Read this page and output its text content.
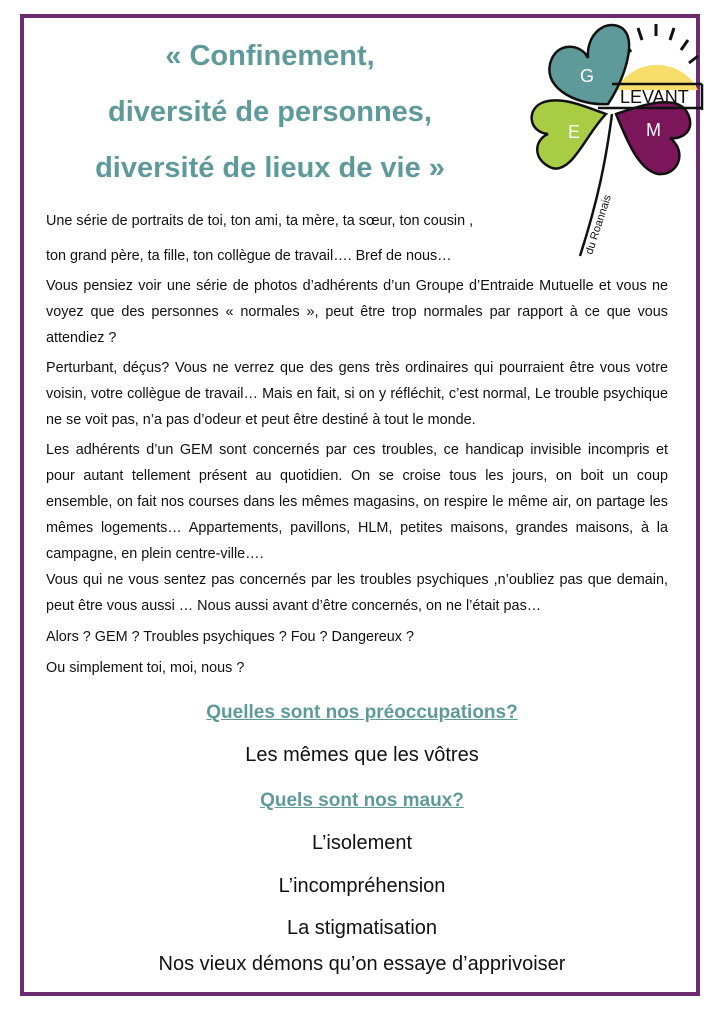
« Confinement,
diversité de personnes,
diversité de lieux de vie »
G
E	M
LEVANT
du Roannais

Une série de portraits de toi, ton ami, ta mère, ta sœur, ton cousin ,

ton grand père, ta fille, ton collègue de travail…. Bref de nous…

Vous pensiez voir une série de photos d’adhérents d’un Groupe d’Entraide Mutuelle et vous ne voyez que des personnes « normales », peut être trop normales par rapport à ce que vous attendiez ?

Perturbant, déçus? Vous ne verrez que des gens très ordinaires qui pourraient être vous votre voisin, votre collègue de travail… Mais en fait, si on y réfléchit, c’est normal, Le trouble psychique ne se voit pas, n’a pas d’odeur et peut être destiné à tout le monde.

Les adhérents d’un GEM sont concernés par ces troubles, ce handicap invisible incompris et pour autant tellement présent au quotidien. On se croise tous les jours, on boit un coup ensemble, on fait nos courses dans les mêmes magasins, on respire le même air, on partage les mêmes logements… Appartements, pavillons, HLM, petites maisons, grandes maisons, à la campagne, en plein centre-ville….

Vous qui ne vous sentez pas concernés par les troubles psychiques ,n’oubliez pas que demain, peut être vous aussi … Nous aussi avant d’être concernés, on ne l’était pas…

Alors ? GEM ? Troubles psychiques ? Fou ? Dangereux ?

Ou simplement toi, moi, nous ?

Quelles sont nos préoccupations?

Les mêmes que les vôtres

Quels sont nos maux?

L’isolement

L’incompréhension

La stigmatisation

Nos vieux démons qu’on essaye d’apprivoiser
